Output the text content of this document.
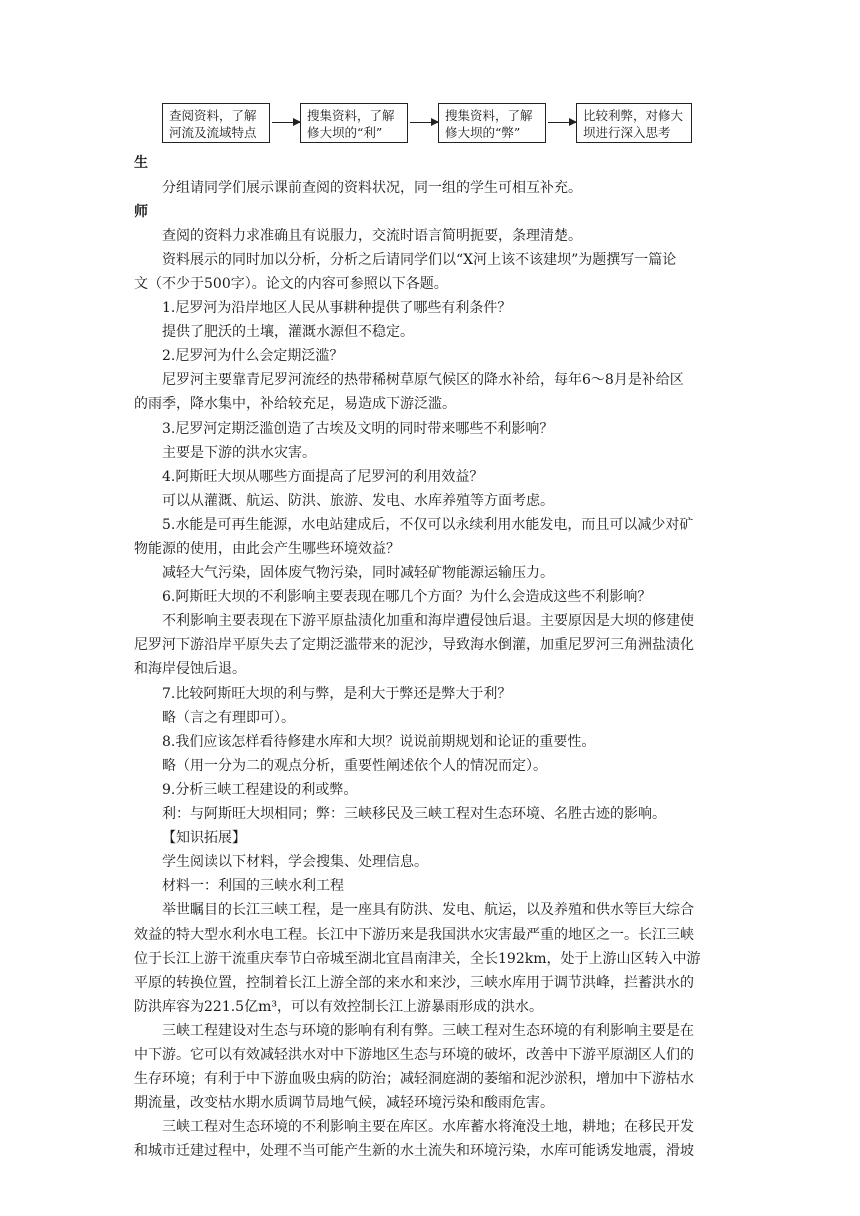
查阅资料，了解
河流及流域特点
搜集资料，了解
修大坝的“利”
搜集资料，了解
修大坝的“弊”
比较利弊，对修大
坝进行深入思考
生
分组请同学们展示课前查阅的资料状况，同一组的学生可相互补充。
师
查阅的资料力求准确且有说服力，交流时语言简明扼要，条理清楚。
资料展示的同时加以分析，分析之后请同学们以“X河上该不该建坝”为题撰写一篇论
文（不少于500字）。论文的内容可参照以下各题。
1.尼罗河为沿岸地区人民从事耕种提供了哪些有利条件？
提供了肥沃的土壤，灌溉水源但不稳定。
2.尼罗河为什么会定期泛滥？
尼罗河主要靠青尼罗河流经的热带稀树草原气候区的降水补给，每年6～8月是补给区
的雨季，降水集中，补给较充足，易造成下游泛滥。
3.尼罗河定期泛滥创造了古埃及文明的同时带来哪些不利影响？
主要是下游的洪水灾害。
4.阿斯旺大坝从哪些方面提高了尼罗河的利用效益？
可以从灌溉、航运、防洪、旅游、发电、水库养殖等方面考虑。
5.水能是可再生能源，水电站建成后，不仅可以永续利用水能发电，而且可以减少对矿
物能源的使用，由此会产生哪些环境效益？
减轻大气污染，固体废气物污染，同时减轻矿物能源运输压力。
6.阿斯旺大坝的不利影响主要表现在哪几个方面？为什么会造成这些不利影响？
不利影响主要表现在下游平原盐渍化加重和海岸遭侵蚀后退。主要原因是大坝的修建使
尼罗河下游沿岸平原失去了定期泛滥带来的泥沙，导致海水倒灌，加重尼罗河三角洲盐渍化
和海岸侵蚀后退。
7.比较阿斯旺大坝的利与弊，是利大于弊还是弊大于利？
略（言之有理即可）。
8.我们应该怎样看待修建水库和大坝？说说前期规划和论证的重要性。
略（用一分为二的观点分析，重要性阐述依个人的情况而定）。
9.分析三峡工程建设的利或弊。
利：与阿斯旺大坝相同；弊：三峡移民及三峡工程对生态环境、名胜古迹的影响。
【知识拓展】
学生阅读以下材料，学会搜集、处理信息。
材料一：利国的三峡水利工程
举世瞩目的长江三峡工程，是一座具有防洪、发电、航运，以及养殖和供水等巨大综合
效益的特大型水利水电工程。长江中下游历来是我国洪水灾害最严重的地区之一。长江三峡
位于长江上游干流重庆奉节白帝城至湖北宜昌南津关，全长192km，处于上游山区转入中游
平原的转换位置，控制着长江上游全部的来水和来沙，三峡水库用于调节洪峰，拦蓄洪水的
防洪库容为221.5亿m³，可以有效控制长江上游暴雨形成的洪水。
三峡工程建设对生态与环境的影响有利有弊。三峡工程对生态环境的有利影响主要是在
中下游。它可以有效减轻洪水对中下游地区生态与环境的破坏，改善中下游平原湖区人们的
生存环境；有利于中下游血吸虫病的防治；减轻洞庭湖的萎缩和泥沙淤积，增加中下游枯水
期流量，改变枯水期水质调节局地气候，减轻环境污染和酸雨危害。
三峡工程对生态环境的不利影响主要在库区。水库蓄水将淹没土地，耕地；在移民开发
和城市迁建过程中，处理不当可能产生新的水土流失和环境污染，水库可能诱发地震，滑坡
